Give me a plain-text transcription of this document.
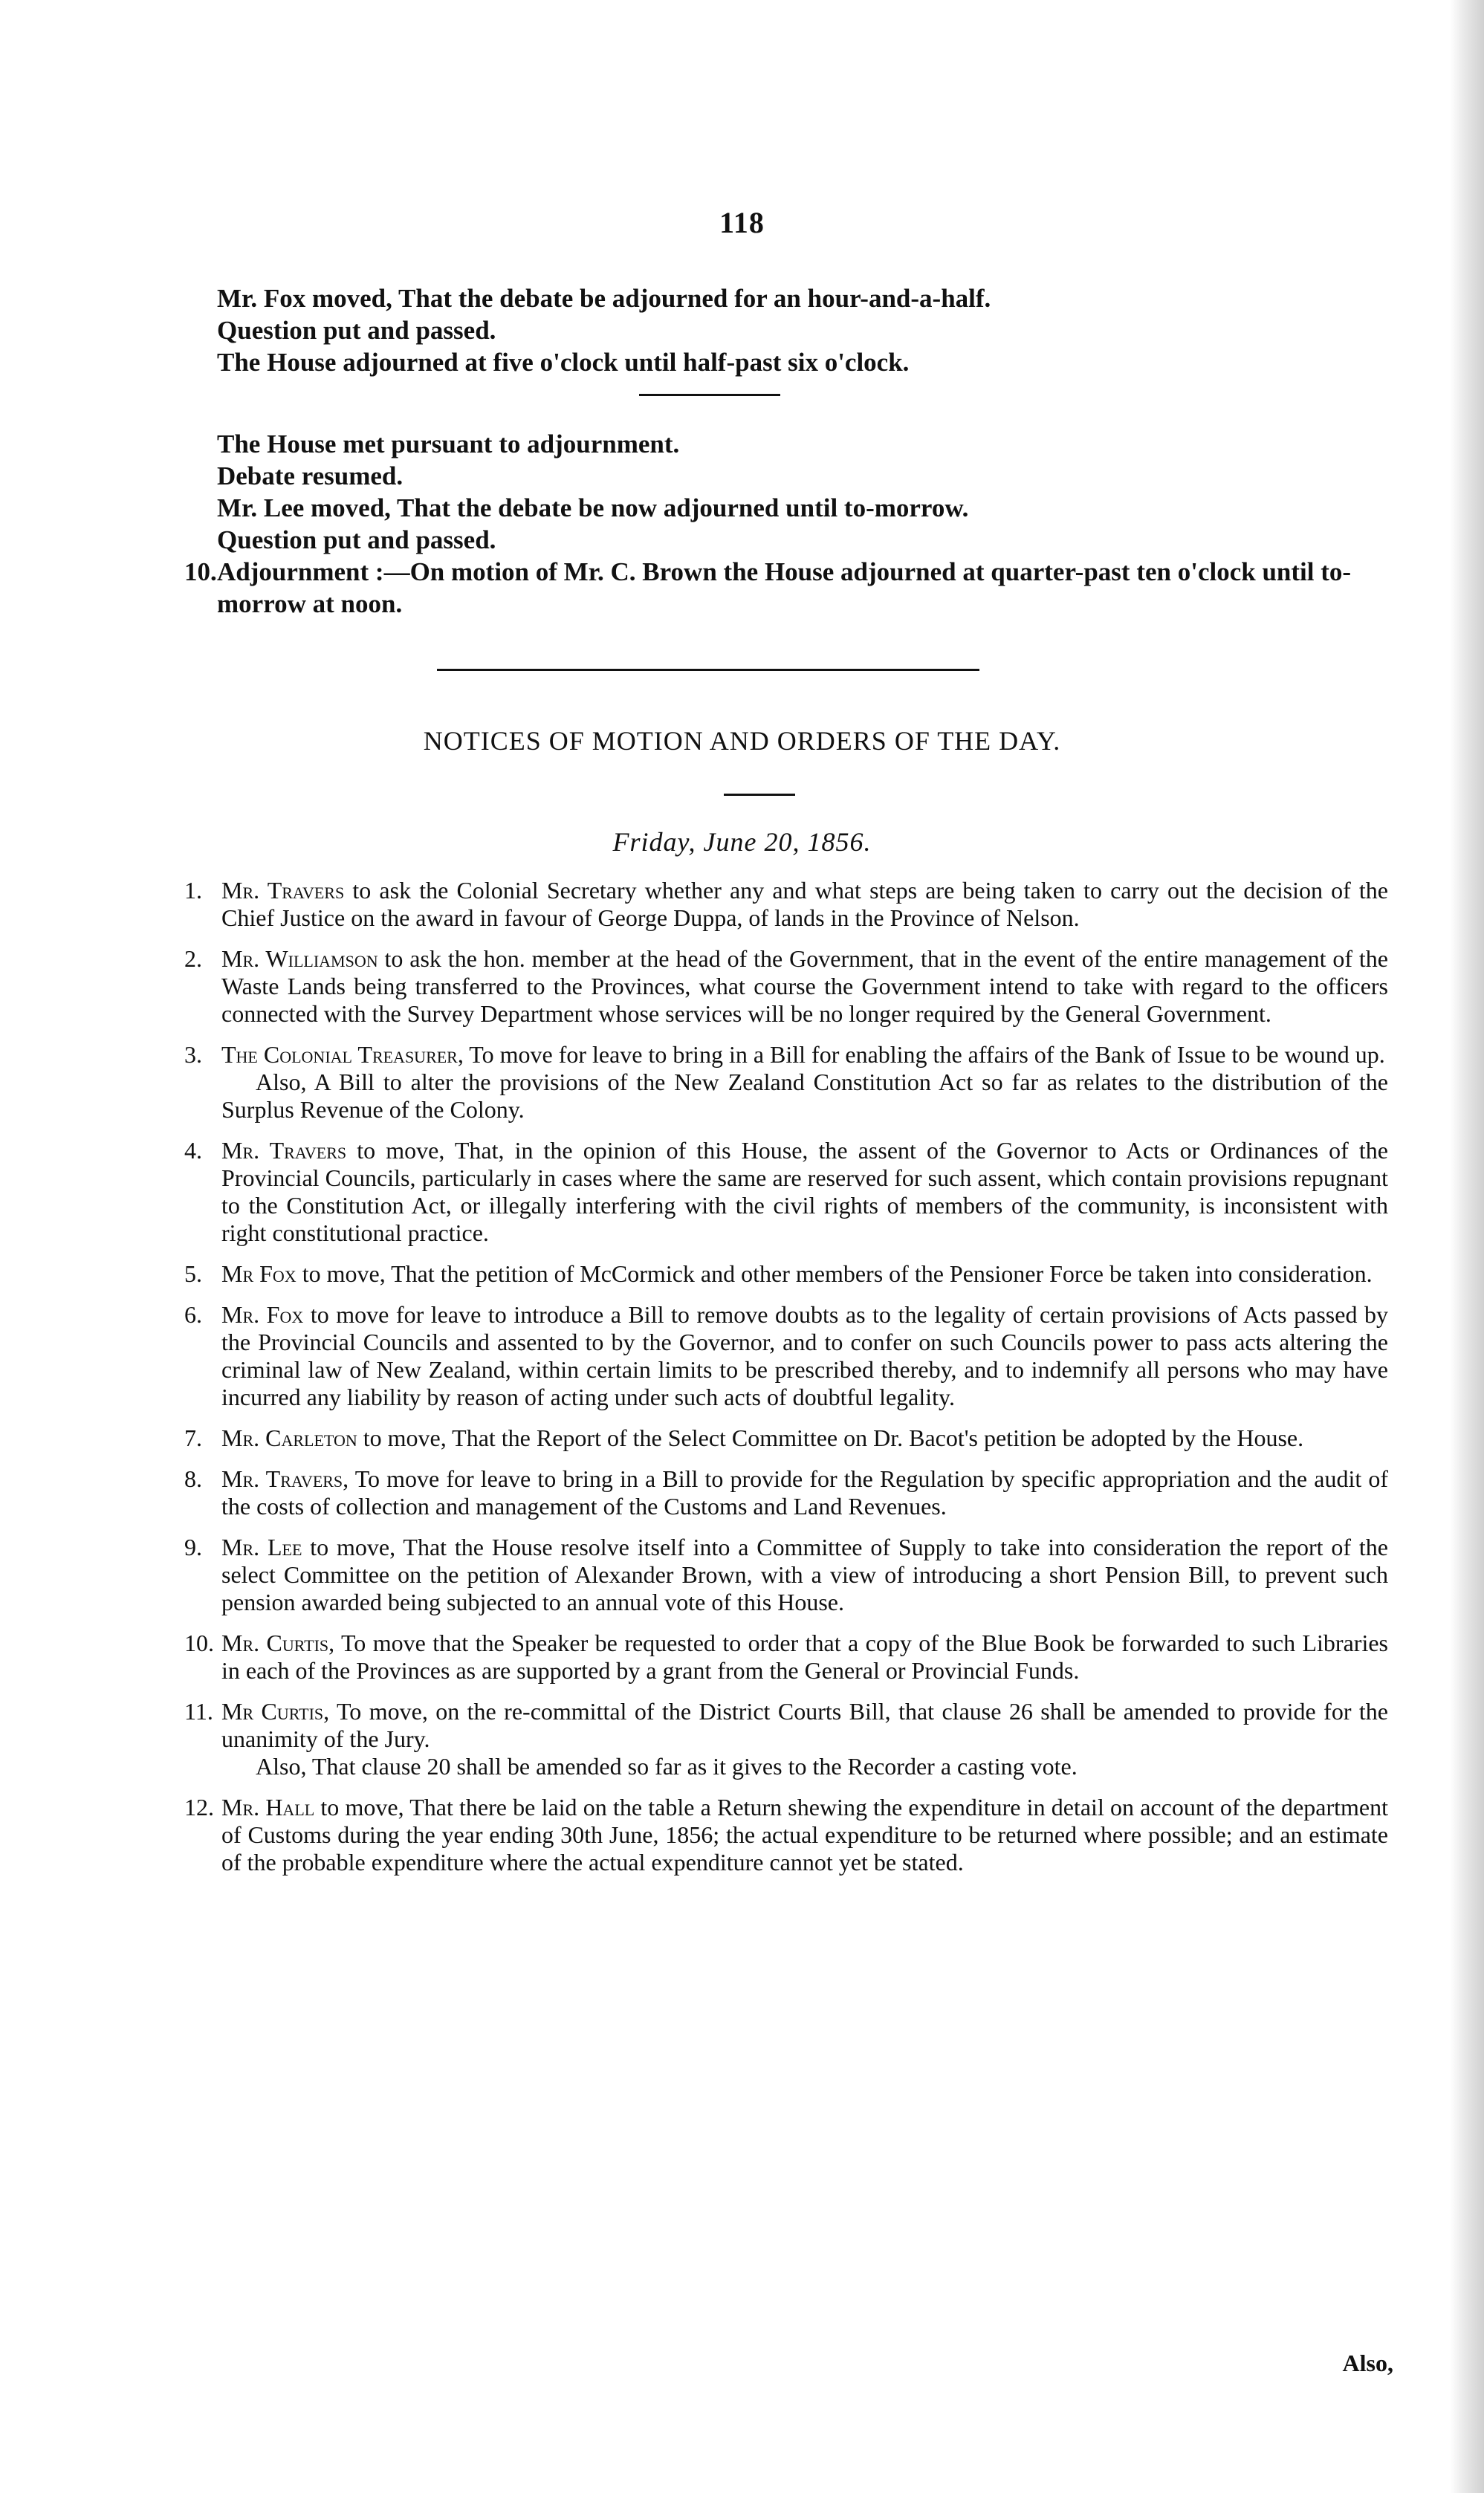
118

Mr. Fox moved, That the debate be adjourned for an hour-and-a-half.

Question put and passed.

The House adjourned at five o'clock until half-past six o'clock.

The House met pursuant to adjournment.

Debate resumed.

Mr. Lee moved, That the debate be now adjourned until to-morrow.

Question put and passed.

10. Adjournment :—On motion of Mr. C. Brown the House adjourned at quarter-past ten o'clock until to-morrow at noon.

NOTICES OF MOTION AND ORDERS OF THE DAY.
Friday, June 20, 1856.
1. Mr. Travers to ask the Colonial Secretary whether any and what steps are being taken to carry out the decision of the Chief Justice on the award in favour of George Duppa, of lands in the Province of Nelson.

2. Mr. Williamson to ask the hon. member at the head of the Government, that in the event of the entire management of the Waste Lands being transferred to the Provinces, what course the Government intend to take with regard to the officers connected with the Survey Department whose services will be no longer required by the General Government.

3. The Colonial Treasurer, To move for leave to bring in a Bill for enabling the affairs of the Bank of Issue to be wound up.

Also, A Bill to alter the provisions of the New Zealand Constitution Act so far as relates to the distribution of the Surplus Revenue of the Colony.

4. Mr. Travers to move, That, in the opinion of this House, the assent of the Governor to Acts or Ordinances of the Provincial Councils, particularly in cases where the same are reserved for such assent, which contain provisions repugnant to the Constitution Act, or illegally interfering with the civil rights of members of the community, is inconsistent with right constitutional practice.

5. Mr Fox to move, That the petition of McCormick and other members of the Pensioner Force be taken into consideration.

6. Mr. Fox to move for leave to introduce a Bill to remove doubts as to the legality of certain provisions of Acts passed by the Provincial Councils and assented to by the Governor, and to confer on such Councils power to pass acts altering the criminal law of New Zealand, within certain limits to be prescribed thereby, and to indemnify all persons who may have incurred any liability by reason of acting under such acts of doubtful legality.

7. Mr. Carleton to move, That the Report of the Select Committee on Dr. Bacot's petition be adopted by the House.

8. Mr. Travers, To move for leave to bring in a Bill to provide for the Regulation by specific appropriation and the audit of the costs of collection and management of the Customs and Land Revenues.

9. Mr. Lee to move, That the House resolve itself into a Committee of Supply to take into consideration the report of the select Committee on the petition of Alexander Brown, with a view of introducing a short Pension Bill, to prevent such pension awarded being subjected to an annual vote of this House.

10. Mr. Curtis, To move that the Speaker be requested to order that a copy of the Blue Book be forwarded to such Libraries in each of the Provinces as are supported by a grant from the General or Provincial Funds.

11. Mr Curtis, To move, on the re-committal of the District Courts Bill, that clause 26 shall be amended to provide for the unanimity of the Jury.

Also, That clause 20 shall be amended so far as it gives to the Recorder a casting vote.

12. Mr. Hall to move, That there be laid on the table a Return shewing the expenditure in detail on account of the department of Customs during the year ending 30th June, 1856; the actual expenditure to be returned where possible; and an estimate of the probable expenditure where the actual expenditure cannot yet be stated.

Also,
